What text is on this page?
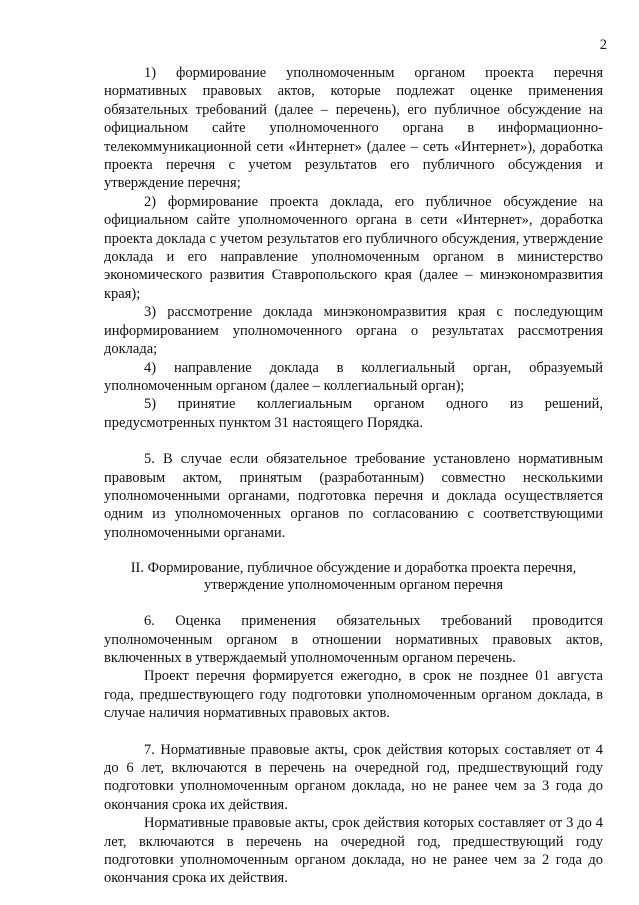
2

1) формирование уполномоченным органом проекта перечня нормативных правовых актов, которые подлежат оценке применения обязательных требований (далее – перечень), его публичное обсуждение на официальном сайте уполномоченного органа в информационно-телекоммуникационной сети «Интернет» (далее – сеть «Интернет»), доработка проекта перечня с учетом результатов его публичного обсуждения и утверждение перечня;

2) формирование проекта доклада, его публичное обсуждение на официальном сайте уполномоченного органа в сети «Интернет», доработка проекта доклада с учетом результатов его публичного обсуждения, утверждение доклада и его направление уполномоченным органом в министерство экономического развития Ставропольского края (далее – минэкономразвития края);

3) рассмотрение доклада минэкономразвития края с последующим информированием уполномоченного органа о результатах рассмотрения доклада;

4) направление доклада в коллегиальный орган, образуемый уполномоченным органом (далее – коллегиальный орган);

5) принятие коллегиальным органом одного из решений, предусмотренных пунктом 31 настоящего Порядка.

5. В случае если обязательное требование установлено нормативным правовым актом, принятым (разработанным) совместно несколькими уполномоченными органами, подготовка перечня и доклада осуществляется одним из уполномоченных органов по согласованию с соответствующими уполномоченными органами.

II. Формирование, публичное обсуждение и доработка проекта перечня,
утверждение уполномоченным органом перечня

6. Оценка применения обязательных требований проводится уполномоченным органом в отношении нормативных правовых актов, включенных в утверждаемый уполномоченным органом перечень.

Проект перечня формируется ежегодно, в срок не позднее 01 августа года, предшествующего году подготовки уполномоченным органом доклада, в случае наличия нормативных правовых актов.

7. Нормативные правовые акты, срок действия которых составляет от 4 до 6 лет, включаются в перечень на очередной год, предшествующий году подготовки уполномоченным органом доклада, но не ранее чем за 3 года до окончания срока их действия.

Нормативные правовые акты, срок действия которых составляет от 3 до 4 лет, включаются в перечень на очередной год, предшествующий году подготовки уполномоченным органом доклада, но не ранее чем за 2 года до окончания срока их действия.
